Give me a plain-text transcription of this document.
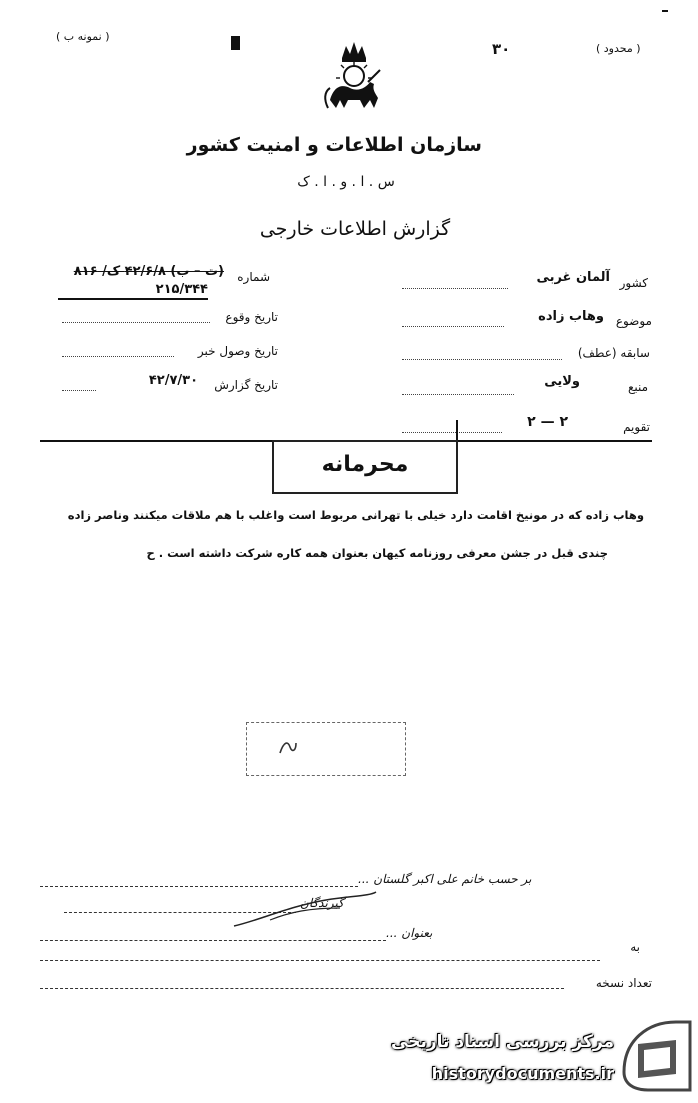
( نمونه ب )
( محدود )
۳۰
سازمان اطلاعات و امنیت کشور
س . ا . و . ا . ک
گزارش اطلاعات خارجی
کشور
آلمان غربی
موضوع
وهاب زاده
سابقه (عطف)
منبع
ولایی
تقویم
۲ — ۲
شماره
(ت – ب) ۴۲/۶/۸ ک/ ۸۱۶
۲۱۵/۳۴۴
تاریخ وقوع
تاریخ وصول خبر
تاریخ گزارش
۴۲/۷/۳۰
محرمانه
وهاب زاده که در مونیخ اقامت دارد خیلی با تهرانی مربوط است واغلب با هم ملاقات میکنند وناصر زاده
چندی قبل در جشن معرفی روزنامه کیهان بعنوان همه کاره شرکت داشته است . ح
بر حسب خانم علی اکبر گلستان ...
گیرندگان
بعنوان ...
به
تعداد نسخه
مرکز بررسی اسناد تاریخی
historydocuments.ir
